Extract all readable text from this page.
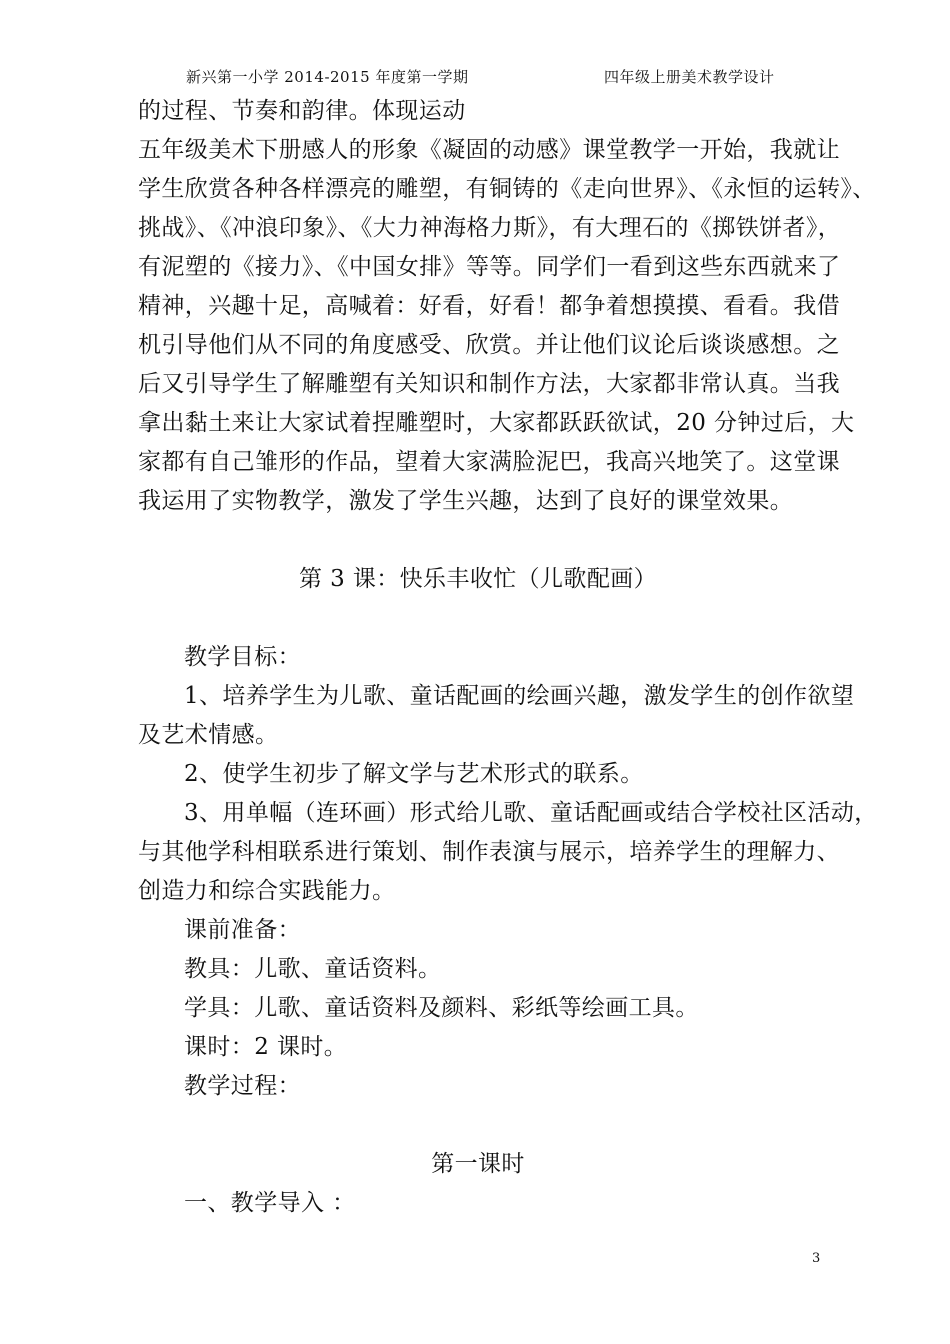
新兴第一小学 2014-2015 年度第一学期	四年级上册美术教学设计
的过程、节奏和韵律。体现运动
五年级美术下册感人的形象《凝固的动感》课堂教学一开始，我就让
学生欣赏各种各样漂亮的雕塑，有铜铸的《走向世界》、《永恒的运转》、
挑战》、《冲浪印象》、《大力神海格力斯》，有大理石的《掷铁饼者》，
有泥塑的《接力》、《中国女排》等等。同学们一看到这些东西就来了
精神，兴趣十足，高喊着：好看，好看！都争着想摸摸、看看。我借
机引导他们从不同的角度感受、欣赏。并让他们议论后谈谈感想。之
后又引导学生了解雕塑有关知识和制作方法，大家都非常认真。当我
拿出黏土来让大家试着捏雕塑时，大家都跃跃欲试，20 分钟过后，大
家都有自己雏形的作品，望着大家满脸泥巴，我高兴地笑了。这堂课
我运用了实物教学，激发了学生兴趣，达到了良好的课堂效果。
第 3 课：快乐丰收忙（儿歌配画）
教学目标：
1、培养学生为儿歌、童话配画的绘画兴趣，激发学生的创作欲望
及艺术情感。
2、使学生初步了解文学与艺术形式的联系。
3、用单幅（连环画）形式给儿歌、童话配画或结合学校社区活动，
与其他学科相联系进行策划、制作表演与展示，培养学生的理解力、
创造力和综合实践能力。
课前准备：
教具：儿歌、童话资料。
学具：儿歌、童话资料及颜料、彩纸等绘画工具。
课时：2 课时。
教学过程：
第一课时
一、教学导入 ：
3
